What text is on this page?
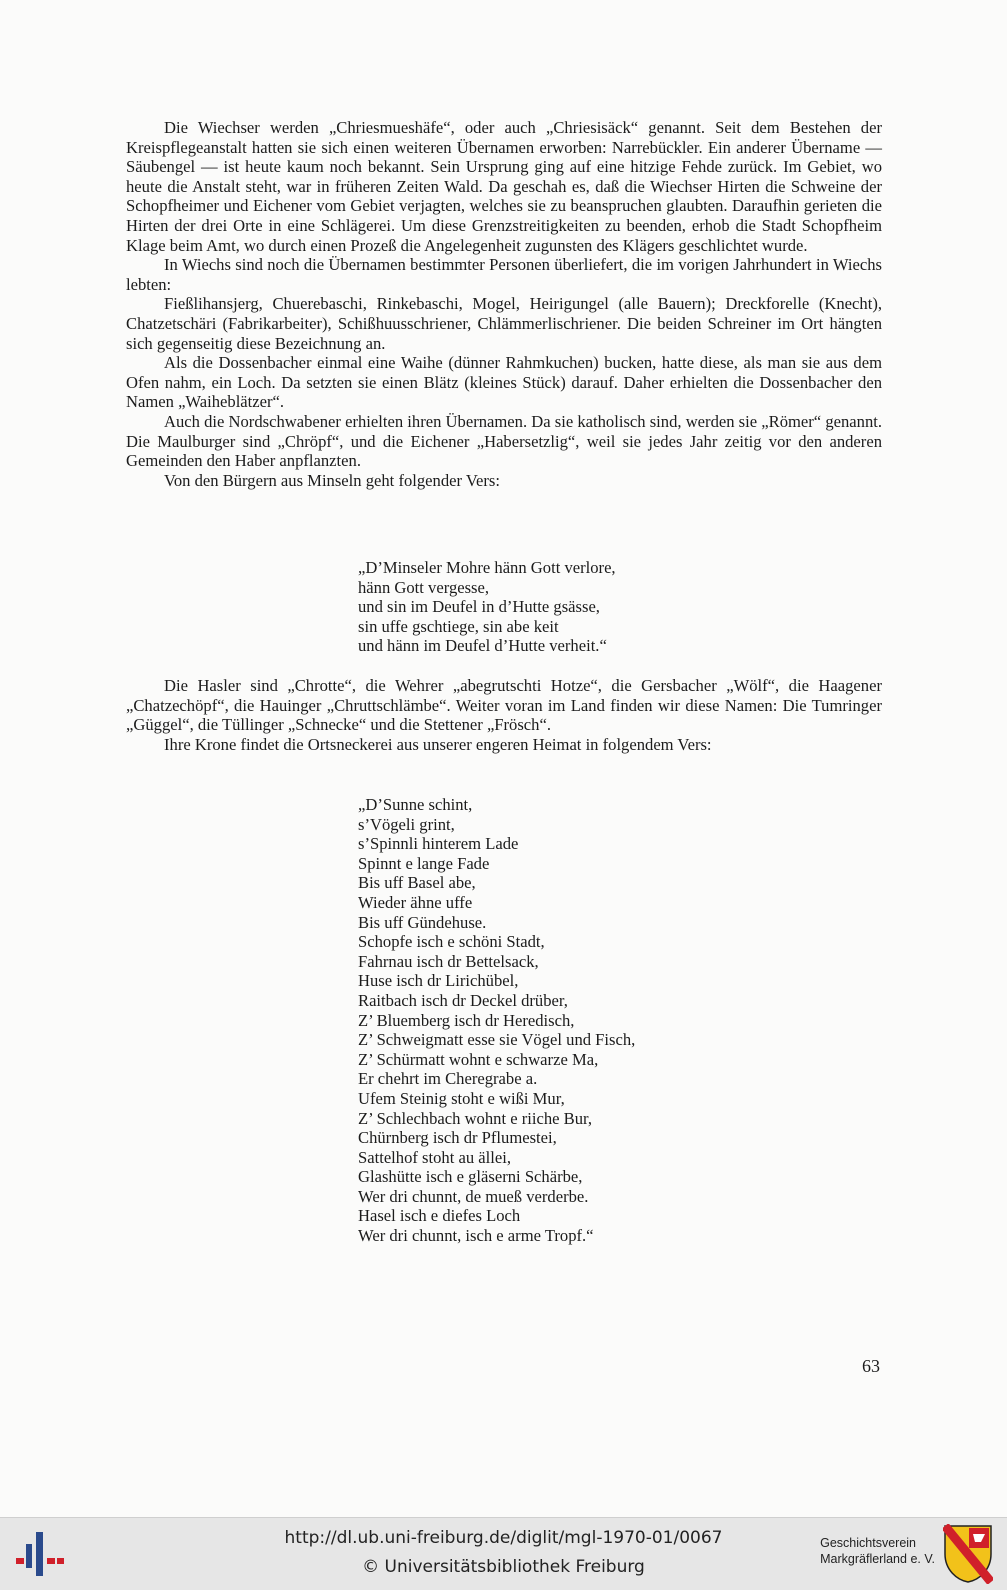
Die Wiechser werden „Chriesmueshäfe“, oder auch „Chriesisäck“ genannt. Seit dem Bestehen der Kreispflegeanstalt hatten sie sich einen weiteren Übernamen erworben: Narrebückler. Ein anderer Übername — Säubengel — ist heute kaum noch bekannt. Sein Ursprung ging auf eine hitzige Fehde zurück. Im Gebiet, wo heute die Anstalt steht, war in früheren Zeiten Wald. Da geschah es, daß die Wiechser Hirten die Schweine der Schopfheimer und Eichener vom Gebiet verjagten, welches sie zu beanspruchen glaubten. Daraufhin gerieten die Hirten der drei Orte in eine Schlägerei. Um diese Grenzstreitigkeiten zu beenden, erhob die Stadt Schopfheim Klage beim Amt, wo durch einen Prozeß die Angelegenheit zugunsten des Klägers geschlichtet wurde.

In Wiechs sind noch die Übernamen bestimmter Personen überliefert, die im vorigen Jahrhundert in Wiechs lebten:

Fießlihansjerg, Chuerebaschi, Rinkebaschi, Mogel, Heirigungel (alle Bauern); Dreckforelle (Knecht), Chatzetschäri (Fabrikarbeiter), Schißhuusschriener, Chlämmerlischriener. Die beiden Schreiner im Ort hängten sich gegenseitig diese Bezeichnung an.

Als die Dossenbacher einmal eine Waihe (dünner Rahmkuchen) bucken, hatte diese, als man sie aus dem Ofen nahm, ein Loch. Da setzten sie einen Blätz (kleines Stück) darauf. Daher erhielten die Dossenbacher den Namen „Waiheblätzer“.

Auch die Nordschwabener erhielten ihren Übernamen. Da sie katholisch sind, werden sie „Römer“ genannt. Die Maulburger sind „Chröpf“, und die Eichener „Habersetzlig“, weil sie jedes Jahr zeitig vor den anderen Gemeinden den Haber anpflanzten.

Von den Bürgern aus Minseln geht folgender Vers:

„D’Minseler Mohre hänn Gott verlore,
hänn Gott vergesse,
und sin im Deufel in d’Hutte gsässe,
sin uffe gschtiege, sin abe keit
und hänn im Deufel d’Hutte verheit.“

Die Hasler sind „Chrotte“, die Wehrer „abegrutschti Hotze“, die Gersbacher „Wölf“, die Haagener „Chatzechöpf“, die Hauinger „Chruttschlämbe“. Weiter voran im Land finden wir diese Namen: Die Tumringer „Güggel“, die Tüllinger „Schnecke“ und die Stettener „Frösch“.

Ihre Krone findet die Ortsneckerei aus unserer engeren Heimat in folgendem Vers:

„D’Sunne schint,
s’Vögeli grint,
s’Spinnli hinterem Lade
Spinnt e lange Fade
Bis uff Basel abe,
Wieder ähne uffe
Bis uff Gündehuse.
Schopfe isch e schöni Stadt,
Fahrnau isch dr Bettelsack,
Huse isch dr Lirichübel,
Raitbach isch dr Deckel drüber,
Z’ Bluemberg isch dr Heredisch,
Z’ Schweigmatt esse sie Vögel und Fisch,
Z’ Schürmatt wohnt e schwarze Ma,
Er chehrt im Cheregrabe a.
Ufem Steinig stoht e wißi Mur,
Z’ Schlechbach wohnt e riiche Bur,
Chürnberg isch dr Pflumestei,
Sattelhof stoht au ällei,
Glashütte isch e gläserni Schärbe,
Wer dri chunnt, de mueß verderbe.
Hasel isch e diefes Loch
Wer dri chunnt, isch e arme Tropf.“
63
http://dl.ub.uni-freiburg.de/diglit/mgl-1970-01/0067
© Universitätsbibliothek Freiburg
Geschichtsverein
Markgräflerland e. V.
